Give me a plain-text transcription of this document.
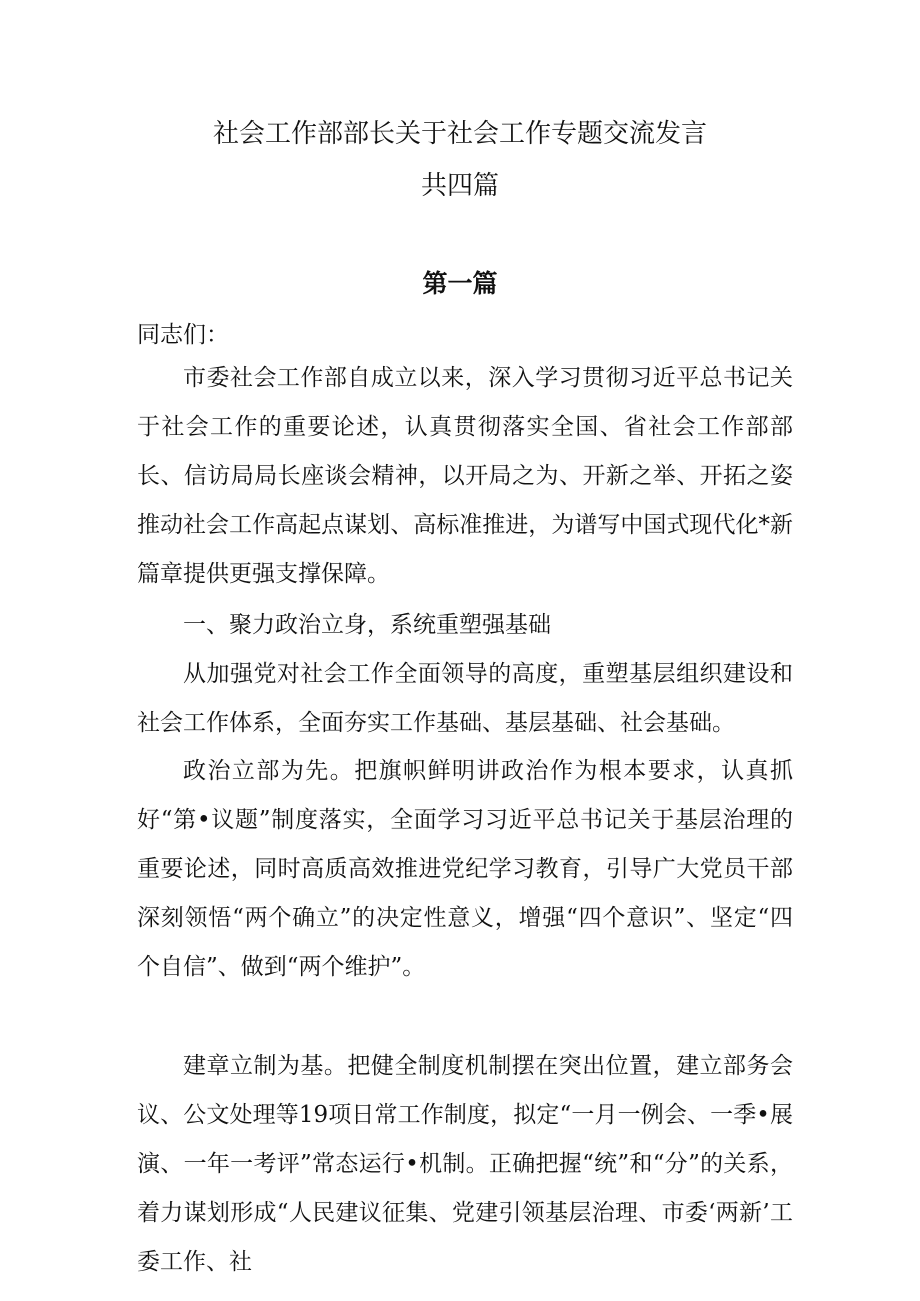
社会工作部部长关于社会工作专题交流发言
共四篇
第一篇
同志们：

市委社会工作部自成立以来，深入学习贯彻习近平总书记关于社会工作的重要论述，认真贯彻落实全国、省社会工作部部长、信访局局长座谈会精神，以开局之为、开新之举、开拓之姿推动社会工作高起点谋划、高标准推进，为谱写中国式现代化*新篇章提供更强支撑保障。

一、聚力政治立身，系统重塑强基础

从加强党对社会工作全面领导的高度，重塑基层组织建设和社会工作体系，全面夯实工作基础、基层基础、社会基础。

政治立部为先。把旗帜鲜明讲政治作为根本要求，认真抓好“第•议题”制度落实，全面学习习近平总书记关于基层治理的重要论述，同时高质高效推进党纪学习教育，引导广大党员干部深刻领悟“两个确立”的决定性意义，增强“四个意识”、坚定“四个自信”、做到“两个维护”。

建章立制为基。把健全制度机制摆在突出位置，建立部务会议、公文处理等19项日常工作制度，拟定“一月一例会、一季•展演、一年一考评”常态运行•机制。正确把握“统”和“分”的关系，着力谋划形成“人民建议征集、党建引领基层治理、市委‘两新’工委工作、社
